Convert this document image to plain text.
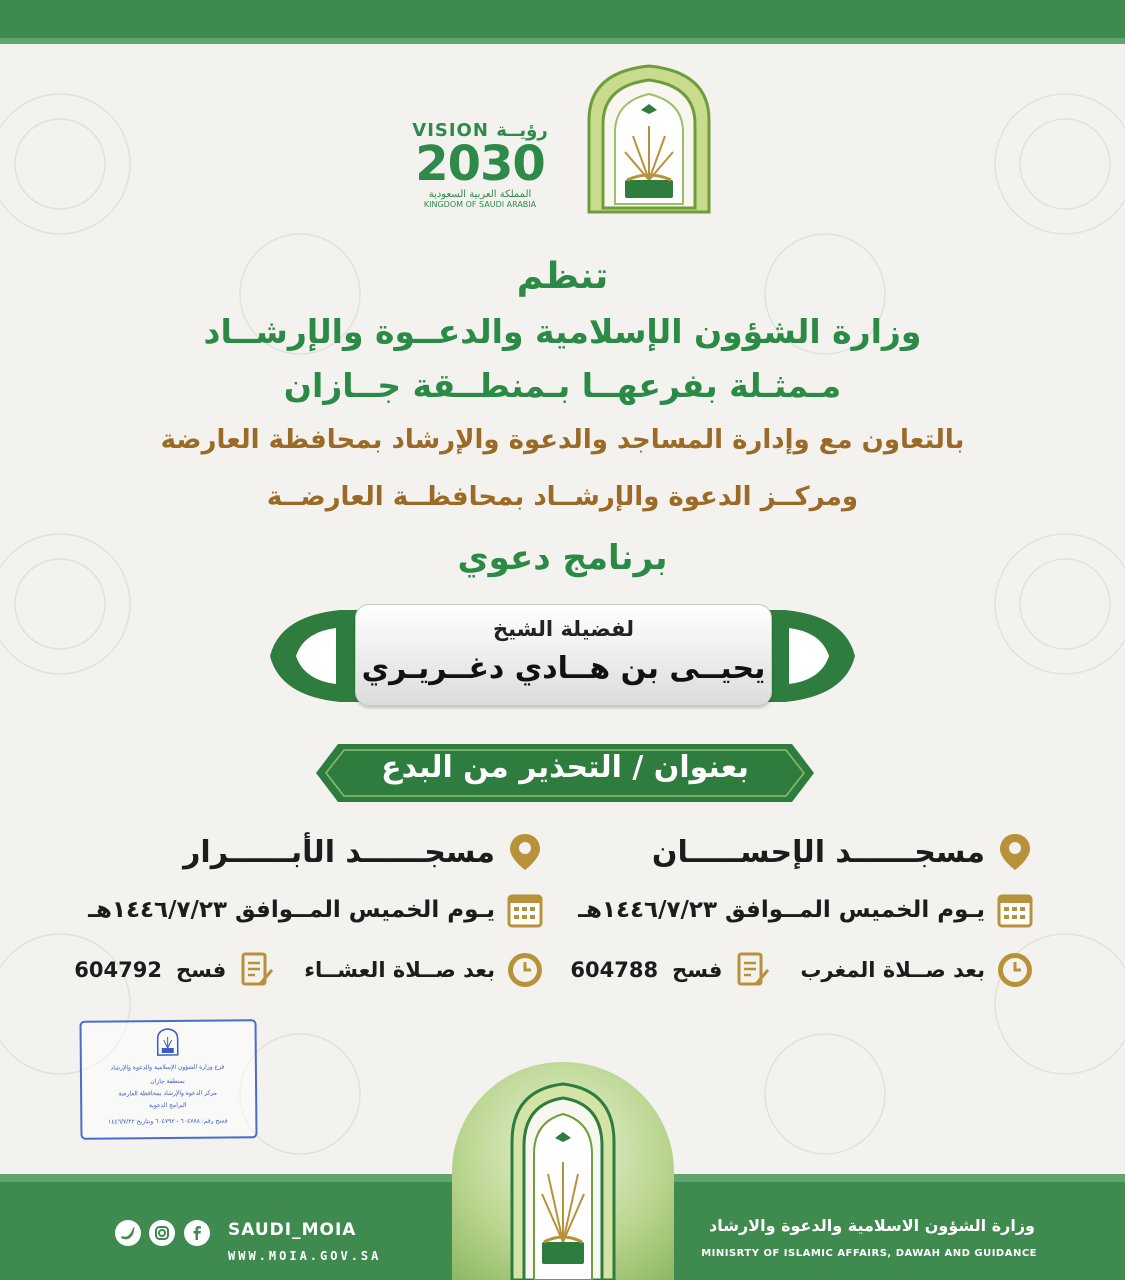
VISION رؤيــة
2030
المملكة العربية السعودية
KINGDOM OF SAUDI ARABIA
تنظم
وزارة الشؤون الإسلامية والدعــوة والإرشــاد
مـمثـلة بفرعهــا بـمنطــقة جــازان
بالتعاون مع وإدارة المساجد والدعوة والإرشاد بمحافظة العارضة
ومركــز الدعوة والإرشــاد بمحافظــة العارضــة
برنامج دعوي
لفضيلة الشيخ
يحيــى بن هــادي دغــريـري
بعنوان / التحذير من البدع
مسجــــــد الإحســـــان
يـوم الخميس المــوافق ١٤٤٦/٧/٢٣هـ
بعد صــلاة المغرب
فسح
604788
مسجــــــد الأبــــــرار
يـوم الخميس المــوافق ١٤٤٦/٧/٢٣هـ
بعد صــلاة العشــاء
فسح
604792
فرع وزارة الشؤون الإسلامية والدعوة والإرشاد
بمنطقة جازان
مركز الدعوة والإرشاد بمحافظة العارضة
البرامج الدعوية
فسح رقم: ٦٠٤٧٨٨ - ٦٠٤٧٩٢ وبتاريخ ١٤٤٦/٧/٢٢
وزارة الشؤون الاسلامية والدعوة والارشاد
MINISRTY OF ISLAMIC AFFAIRS, DAWAH AND GUIDANCE
SAUDI_MOIA
WWW.MOIA.GOV.SA
